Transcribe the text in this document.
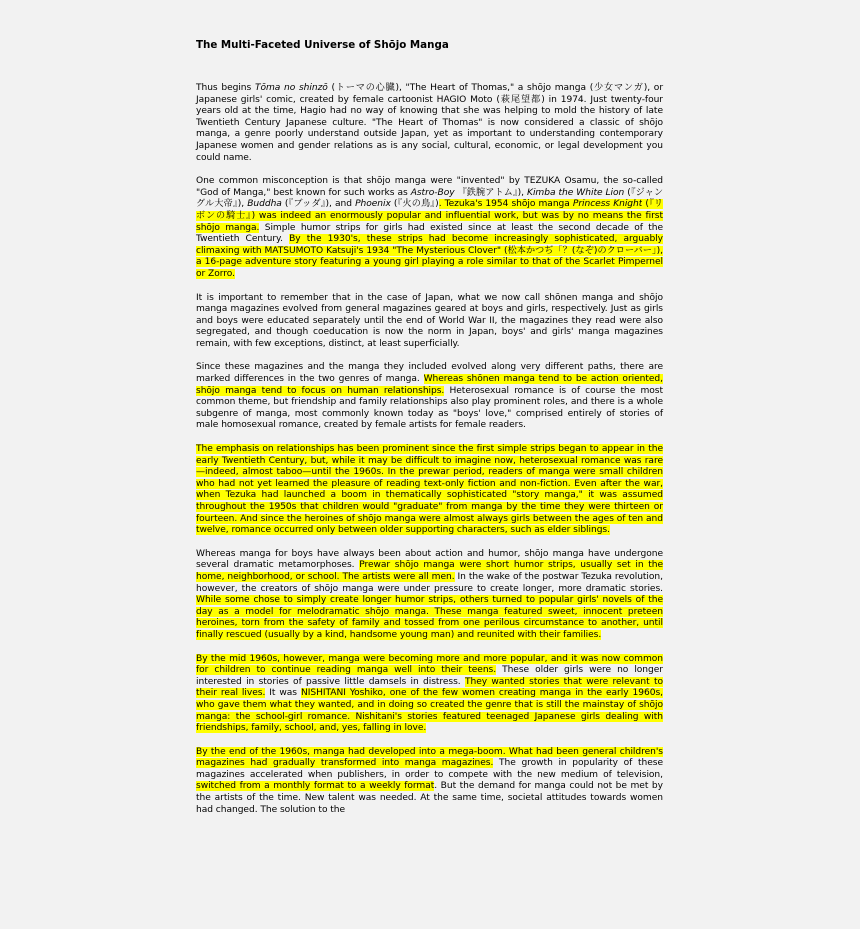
The Multi-Faceted Universe of Shōjo Manga

Thus begins Tōma no shinzō (トーマの心臓), "The Heart of Thomas," a shōjo manga (少女マンガ), or Japanese girls' comic, created by female cartoonist HAGIO Moto (萩尾望都) in 1974. Just twenty-four years old at the time, Hagio had no way of knowing that she was helping to mold the history of late Twentieth Century Japanese culture. "The Heart of Thomas" is now considered a classic of shōjo manga, a genre poorly understand outside Japan, yet as important to understanding contemporary Japanese women and gender relations as is any social, cultural, economic, or legal development you could name.

One common misconception is that shōjo manga were "invented" by TEZUKA Osamu, the so-called "God of Manga," best known for such works as Astro-Boy 『鉄腕アトム』), Kimba the White Lion (『ジャングル大帝』), Buddha (『ブッダ』), and Phoenix (『火の鳥』). Tezuka's 1954 shōjo manga Princess Knight (『リボンの騎士』) was indeed an enormously popular and influential work, but was by no means the first shōjo manga. Simple humor strips for girls had existed since at least the second decade of the Twentieth Century. By the 1930's, these strips had become increasingly sophisticated, arguably climaxing with MATSUMOTO Katsuji's 1934 "The Mysterious Clover" (松本かつぢ「？(なぞ)のクローバー」), a 16-page adventure story featuring a young girl playing a role similar to that of the Scarlet Pimpernel or Zorro.

It is important to remember that in the case of Japan, what we now call shōnen manga and shōjo manga magazines evolved from general magazines geared at boys and girls, respectively. Just as girls and boys were educated separately until the end of World War II, the magazines they read were also segregated, and though coeducation is now the norm in Japan, boys' and girls' manga magazines remain, with few exceptions, distinct, at least superficially.

Since these magazines and the manga they included evolved along very different paths, there are marked differences in the two genres of manga. Whereas shōnen manga tend to be action oriented, shōjo manga tend to focus on human relationships. Heterosexual romance is of course the most common theme, but friendship and family relationships also play prominent roles, and there is a whole subgenre of manga, most commonly known today as "boys' love," comprised entirely of stories of male homosexual romance, created by female artists for female readers.

The emphasis on relationships has been prominent since the first simple strips began to appear in the early Twentieth Century, but, while it may be difficult to imagine now, heterosexual romance was rare—indeed, almost taboo—until the 1960s. In the prewar period, readers of manga were small children who had not yet learned the pleasure of reading text-only fiction and non-fiction. Even after the war, when Tezuka had launched a boom in thematically sophisticated "story manga," it was assumed throughout the 1950s that children would "graduate" from manga by the time they were thirteen or fourteen. And since the heroines of shōjo manga were almost always girls between the ages of ten and twelve, romance occurred only between older supporting characters, such as elder siblings.

Whereas manga for boys have always been about action and humor, shōjo manga have undergone several dramatic metamorphoses. Prewar shōjo manga were short humor strips, usually set in the home, neighborhood, or school. The artists were all men. In the wake of the postwar Tezuka revolution, however, the creators of shōjo manga were under pressure to create longer, more dramatic stories. While some chose to simply create longer humor strips, others turned to popular girls' novels of the day as a model for melodramatic shōjo manga. These manga featured sweet, innocent preteen heroines, torn from the safety of family and tossed from one perilous circumstance to another, until finally rescued (usually by a kind, handsome young man) and reunited with their families.

By the mid 1960s, however, manga were becoming more and more popular, and it was now common for children to continue reading manga well into their teens. These older girls were no longer interested in stories of passive little damsels in distress. They wanted stories that were relevant to their real lives. It was NISHITANI Yoshiko, one of the few women creating manga in the early 1960s, who gave them what they wanted, and in doing so created the genre that is still the mainstay of shōjo manga: the school-girl romance. Nishitani's stories featured teenaged Japanese girls dealing with friendships, family, school, and, yes, falling in love.

By the end of the 1960s, manga had developed into a mega-boom. What had been general children's magazines had gradually transformed into manga magazines. The growth in popularity of these magazines accelerated when publishers, in order to compete with the new medium of television, switched from a monthly format to a weekly format. But the demand for manga could not be met by the artists of the time. New talent was needed. At the same time, societal attitudes towards women had changed. The solution to the
